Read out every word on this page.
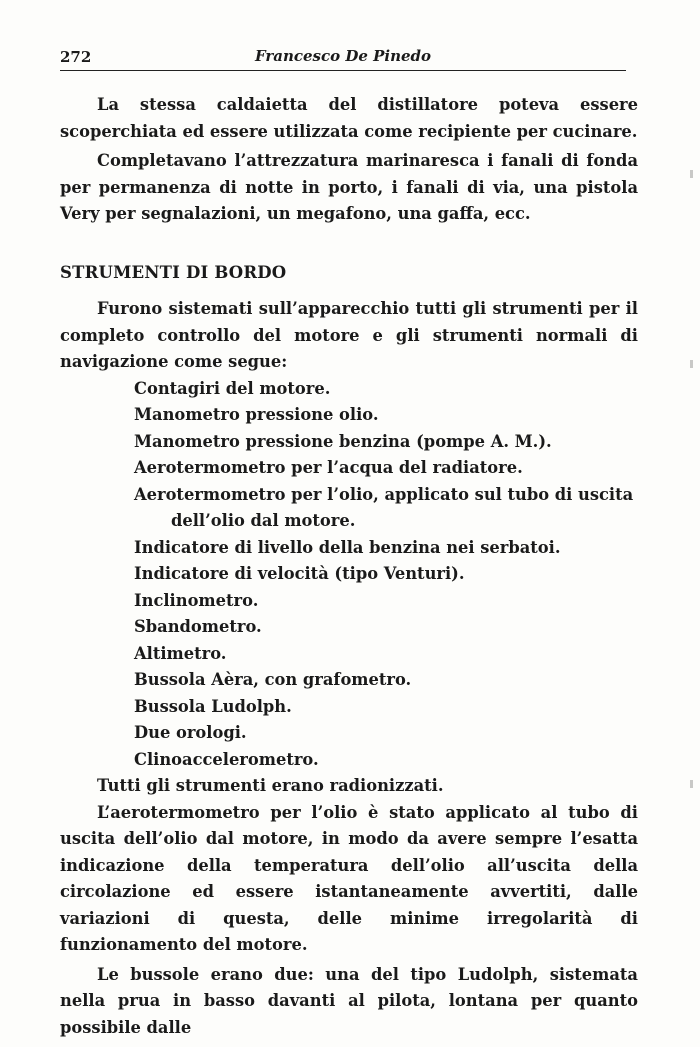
272	Francesco De Pinedo

La stessa caldaietta del distillatore poteva essere scoperchiata ed essere utilizzata come recipiente per cucinare.

Completavano l’attrezzatura marinaresca i fanali di fonda per permanenza di notte in porto, i fanali di via, una pistola Very per segnalazioni, un megafono, una gaffa, ecc.

STRUMENTI DI BORDO

Furono sistemati sull’apparecchio tutti gli strumenti per il completo controllo del motore e gli strumenti normali di navigazione come segue:

Contagiri del motore.
Manometro pressione olio.
Manometro pressione benzina (pompe A. M.).
Aerotermometro per l’acqua del radiatore.
Aerotermometro per l’olio, applicato sul tubo di uscita dell’olio dal motore.
Indicatore di livello della benzina nei serbatoi.
Indicatore di velocità (tipo Venturi).
Inclinometro.
Sbandometro.
Altimetro.
Bussola Aèra, con grafometro.
Bussola Ludolph.
Due orologi.
Clinoaccelerometro.

Tutti gli strumenti erano radionizzati.

L’aerotermometro per l’olio è stato applicato al tubo di uscita dell’olio dal motore, in modo da avere sempre l’esatta indicazione della temperatura dell’olio all’uscita della circolazione ed essere istantaneamente avvertiti, dalle variazioni di questa, delle minime irregolarità di funzionamento del motore.

Le bussole erano due: una del tipo Ludolph, sistemata nella prua in basso davanti al pilota, lontana per quanto possibile dalle
